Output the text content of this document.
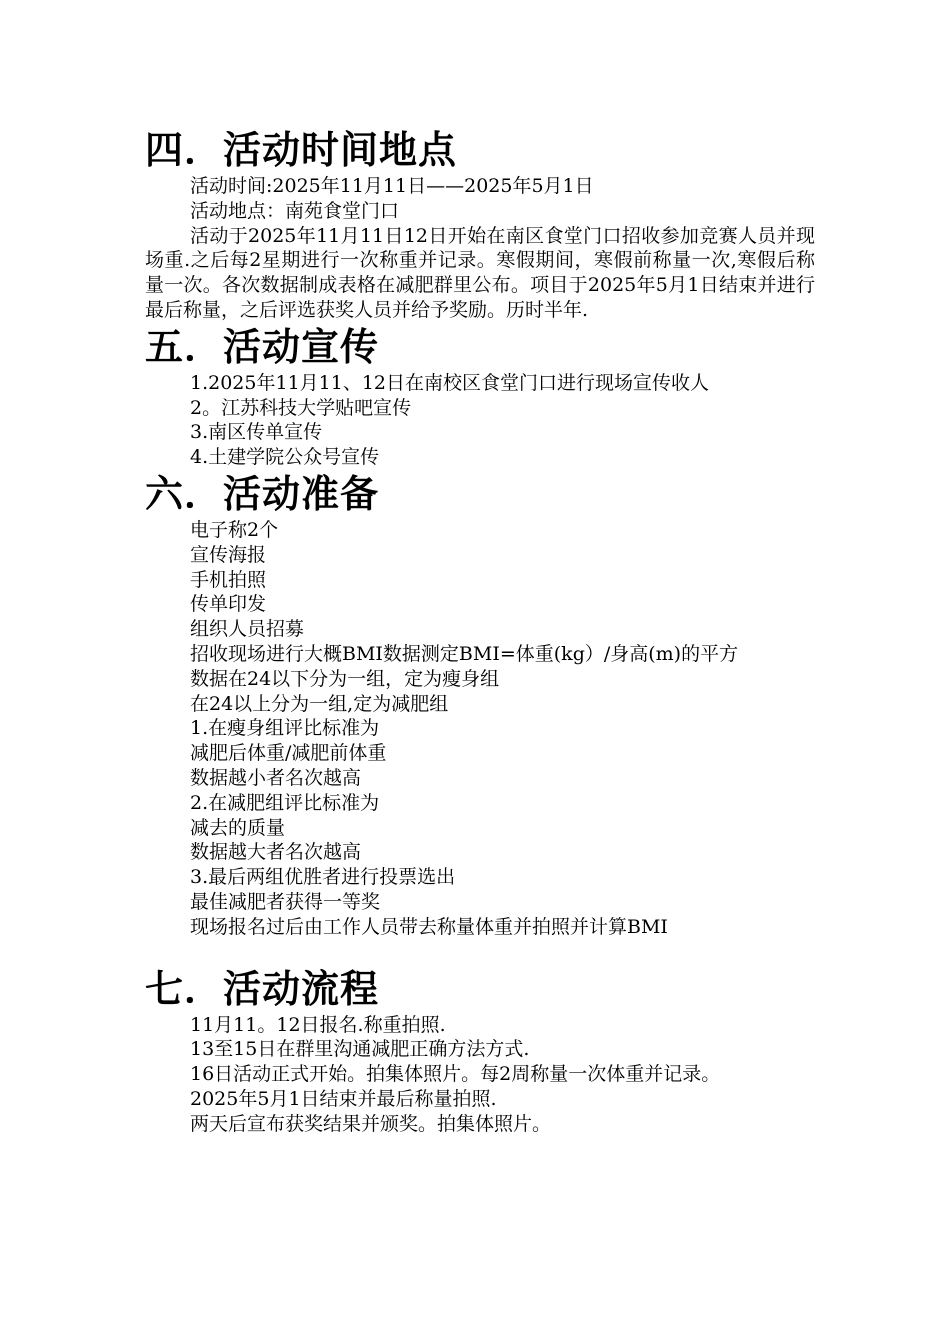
四．活动时间地点

活动时间:2025年11月11日——2025年5月1日

活动地点：南苑食堂门口

活动于2025年11月11日12日开始在南区食堂门口招收参加竞赛人员并现场重.之后每2星期进行一次称重并记录。寒假期间，寒假前称量一次,寒假后称量一次。各次数据制成表格在减肥群里公布。项目于2025年5月1日结束并进行最后称量，之后评选获奖人员并给予奖励。历时半年.

五．活动宣传

1.2025年11月11、12日在南校区食堂门口进行现场宣传收人

2。江苏科技大学贴吧宣传

3.南区传单宣传

4.土建学院公众号宣传

六．活动准备

电子称2个

宣传海报

手机拍照

传单印发

组织人员招募

招收现场进行大概BMI数据测定BMI=体重(kg）/身高(m)的平方

数据在24以下分为一组，定为瘦身组

在24以上分为一组,定为减肥组

1.在瘦身组评比标准为

减肥后体重/减肥前体重

数据越小者名次越高

2.在减肥组评比标准为

减去的质量

数据越大者名次越高

3.最后两组优胜者进行投票选出

最佳减肥者获得一等奖

现场报名过后由工作人员带去称量体重并拍照并计算BMI

七．活动流程

11月11。12日报名.称重拍照.

13至15日在群里沟通减肥正确方法方式.

16日活动正式开始。拍集体照片。每2周称量一次体重并记录。

2025年5月1日结束并最后称量拍照.

两天后宣布获奖结果并颁奖。拍集体照片。
